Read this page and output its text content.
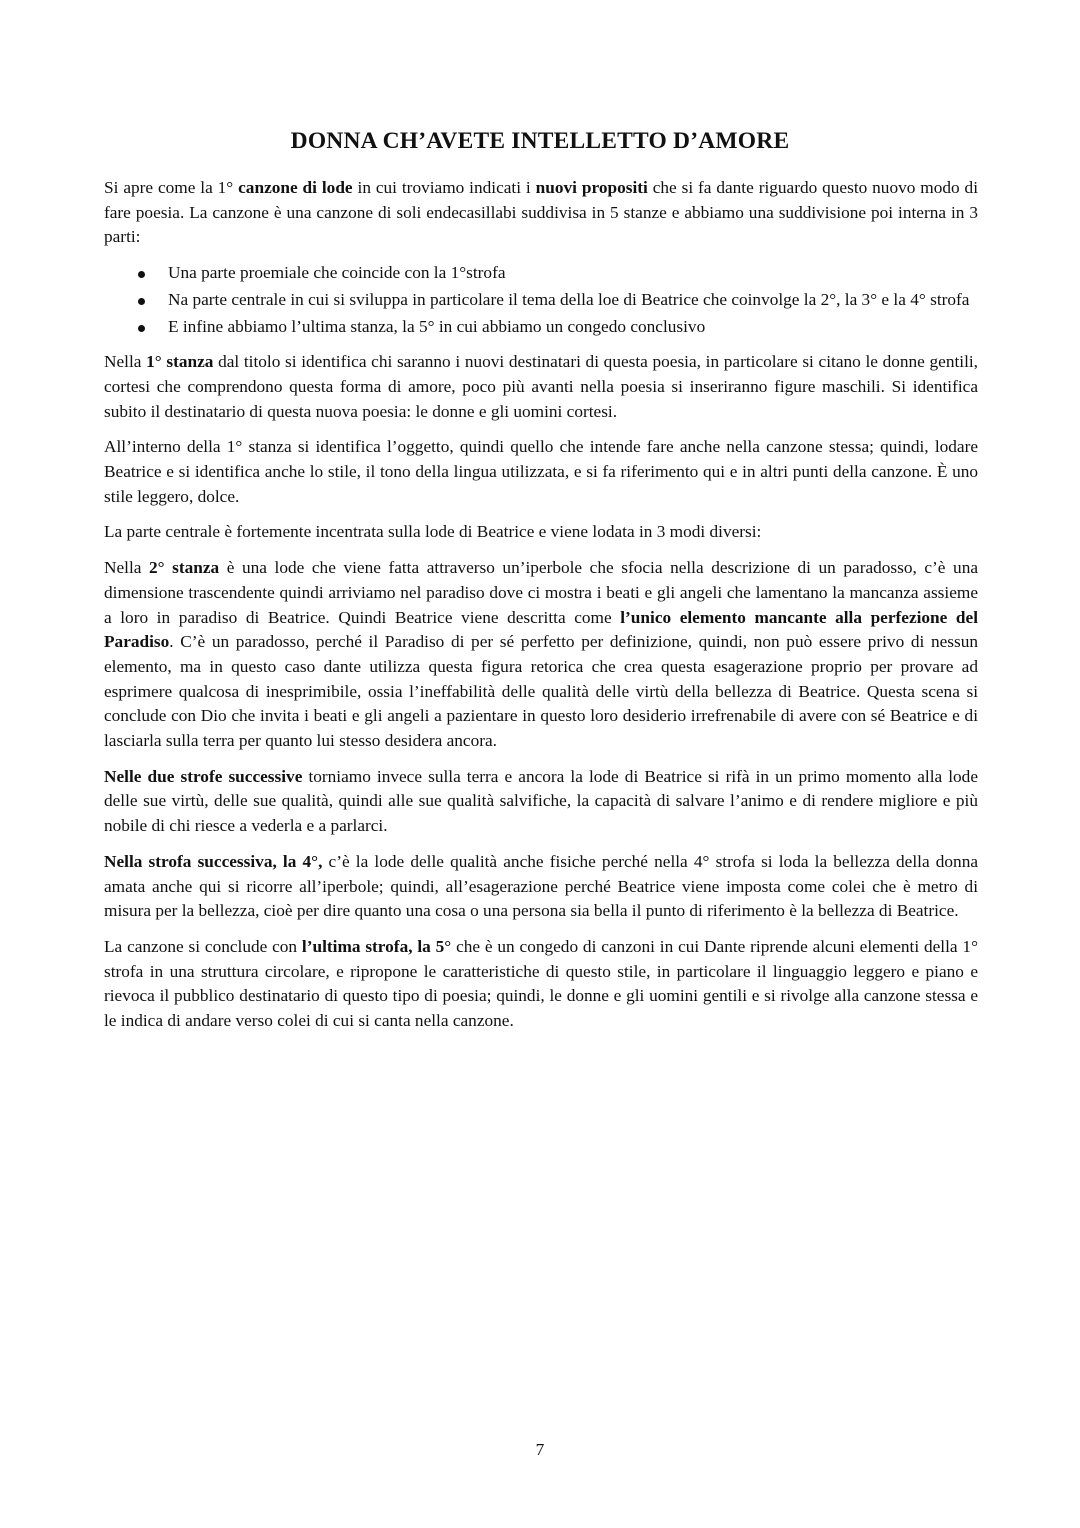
DONNA CH’AVETE INTELLETTO D’AMORE

Si apre come la 1° canzone di lode in cui troviamo indicati i nuovi propositi che si fa dante riguardo questo nuovo modo di fare poesia. La canzone è una canzone di soli endecasillabi suddivisa in 5 stanze e abbiamo una suddivisione poi interna in 3 parti:

Una parte proemiale che coincide con la 1°strofa
Na parte centrale in cui si sviluppa in particolare il tema della loe di Beatrice che coinvolge la 2°, la 3° e la 4° strofa
E infine abbiamo l’ultima stanza, la 5° in cui abbiamo un congedo conclusivo

Nella 1° stanza dal titolo si identifica chi saranno i nuovi destinatari di questa poesia, in particolare si citano le donne gentili, cortesi che comprendono questa forma di amore, poco più avanti nella poesia si inseriranno figure maschili. Si identifica subito il destinatario di questa nuova poesia: le donne e gli uomini cortesi.

All’interno della 1° stanza si identifica l’oggetto, quindi quello che intende fare anche nella canzone stessa; quindi, lodare Beatrice e si identifica anche lo stile, il tono della lingua utilizzata, e si fa riferimento qui e in altri punti della canzone. È uno stile leggero, dolce.

La parte centrale è fortemente incentrata sulla lode di Beatrice e viene lodata in 3 modi diversi:

Nella 2° stanza è una lode che viene fatta attraverso un’iperbole che sfocia nella descrizione di un paradosso, c’è una dimensione trascendente quindi arriviamo nel paradiso dove ci mostra i beati e gli angeli che lamentano la mancanza assieme a loro in paradiso di Beatrice. Quindi Beatrice viene descritta come l’unico elemento mancante alla perfezione del Paradiso. C’è un paradosso, perché il Paradiso di per sé perfetto per definizione, quindi, non può essere privo di nessun elemento, ma in questo caso dante utilizza questa figura retorica che crea questa esagerazione proprio per provare ad esprimere qualcosa di inesprimibile, ossia l’ineffabilità delle qualità delle virtù della bellezza di Beatrice. Questa scena si conclude con Dio che invita i beati e gli angeli a pazientare in questo loro desiderio irrefrenabile di avere con sé Beatrice e di lasciarla sulla terra per quanto lui stesso desidera ancora.

Nelle due strofe successive torniamo invece sulla terra e ancora la lode di Beatrice si rifà in un primo momento alla lode delle sue virtù, delle sue qualità, quindi alle sue qualità salvifiche, la capacità di salvare l’animo e di rendere migliore e più nobile di chi riesce a vederla e a parlarci.

Nella strofa successiva, la 4°, c’è la lode delle qualità anche fisiche perché nella 4° strofa si loda la bellezza della donna amata anche qui si ricorre all’iperbole; quindi, all’esagerazione perché Beatrice viene imposta come colei che è metro di misura per la bellezza, cioè per dire quanto una cosa o una persona sia bella il punto di riferimento è la bellezza di Beatrice.

La canzone si conclude con l’ultima strofa, la 5° che è un congedo di canzoni in cui Dante riprende alcuni elementi della 1° strofa in una struttura circolare, e ripropone le caratteristiche di questo stile, in particolare il linguaggio leggero e piano e rievoca il pubblico destinatario di questo tipo di poesia; quindi, le donne e gli uomini gentili e si rivolge alla canzone stessa e le indica di andare verso colei di cui si canta nella canzone.

7
